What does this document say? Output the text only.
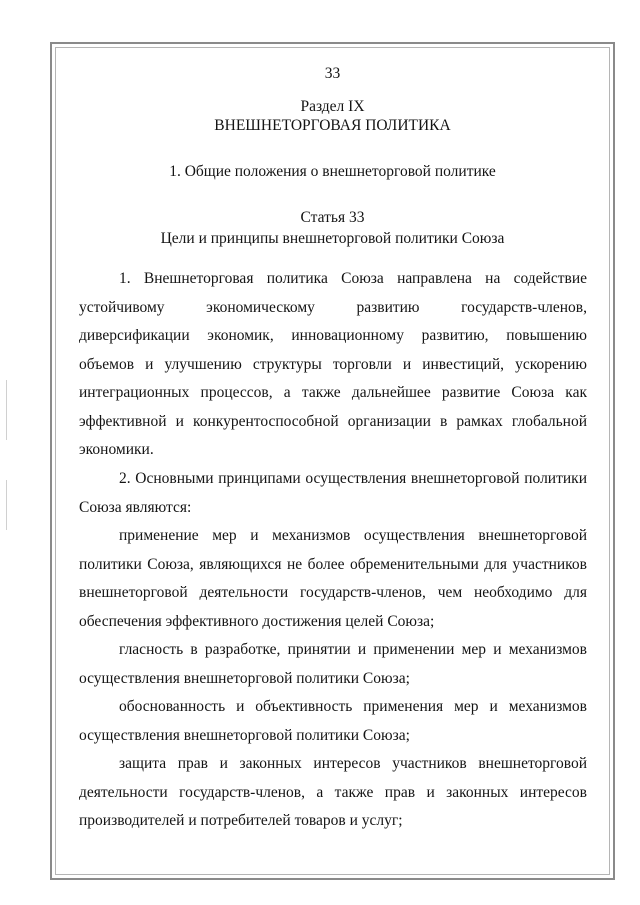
33
Раздел IX
ВНЕШНЕТОРГОВАЯ ПОЛИТИКА
1. Общие положения о внешнеторговой политике
Статья 33
Цели и принципы внешнеторговой политики Союза

1. Внешнеторговая политика Союза направлена на содействие устойчивому экономическому развитию государств-членов, диверсификации экономик, инновационному развитию, повышению объемов и улучшению структуры торговли и инвестиций, ускорению интеграционных процессов, а также дальнейшее развитие Союза как эффективной и конкурентоспособной организации в рамках глобальной экономики.

2. Основными принципами осуществления внешнеторговой политики Союза являются:

применение мер и механизмов осуществления внешнеторговой политики Союза, являющихся не более обременительными для участников внешнеторговой деятельности государств-членов, чем необходимо для обеспечения эффективного достижения целей Союза;

гласность в разработке, принятии и применении мер и механизмов осуществления внешнеторговой политики Союза;

обоснованность и объективность применения мер и механизмов осуществления внешнеторговой политики Союза;

защита прав и законных интересов участников внешнеторговой деятельности государств-членов, а также прав и законных интересов производителей и потребителей товаров и услуг;
